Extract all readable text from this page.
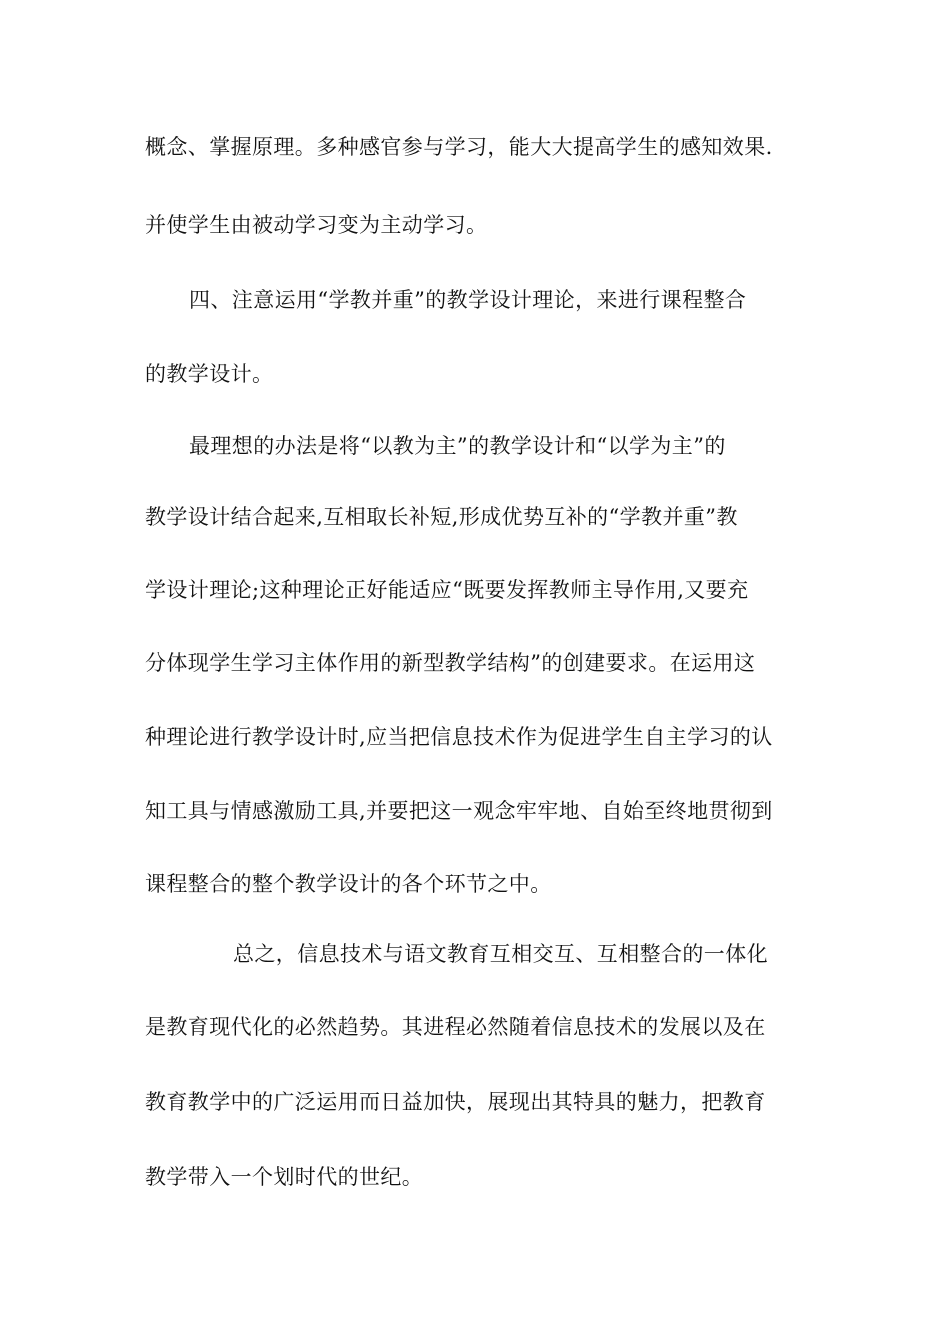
概念、掌握原理。多种感官参与学习，能大大提高学生的感知效果.
并使学生由被动学习变为主动学习。
四、注意运用“学教并重”的教学设计理论，来进行课程整合
的教学设计。
最理想的办法是将“以教为主”的教学设计和“以学为主”的
教学设计结合起来,互相取长补短,形成优势互补的“学教并重”教
学设计理论;这种理论正好能适应“既要发挥教师主导作用,又要充
分体现学生学习主体作用的新型教学结构”的创建要求。在运用这
种理论进行教学设计时,应当把信息技术作为促进学生自主学习的认
知工具与情感激励工具,并要把这一观念牢牢地、自始至终地贯彻到
课程整合的整个教学设计的各个环节之中。
总之，信息技术与语文教育互相交互、互相整合的一体化
是教育现代化的必然趋势。其进程必然随着信息技术的发展以及在
教育教学中的广泛运用而日益加快，展现出其特具的魅力，把教育
教学带入一个划时代的世纪。
